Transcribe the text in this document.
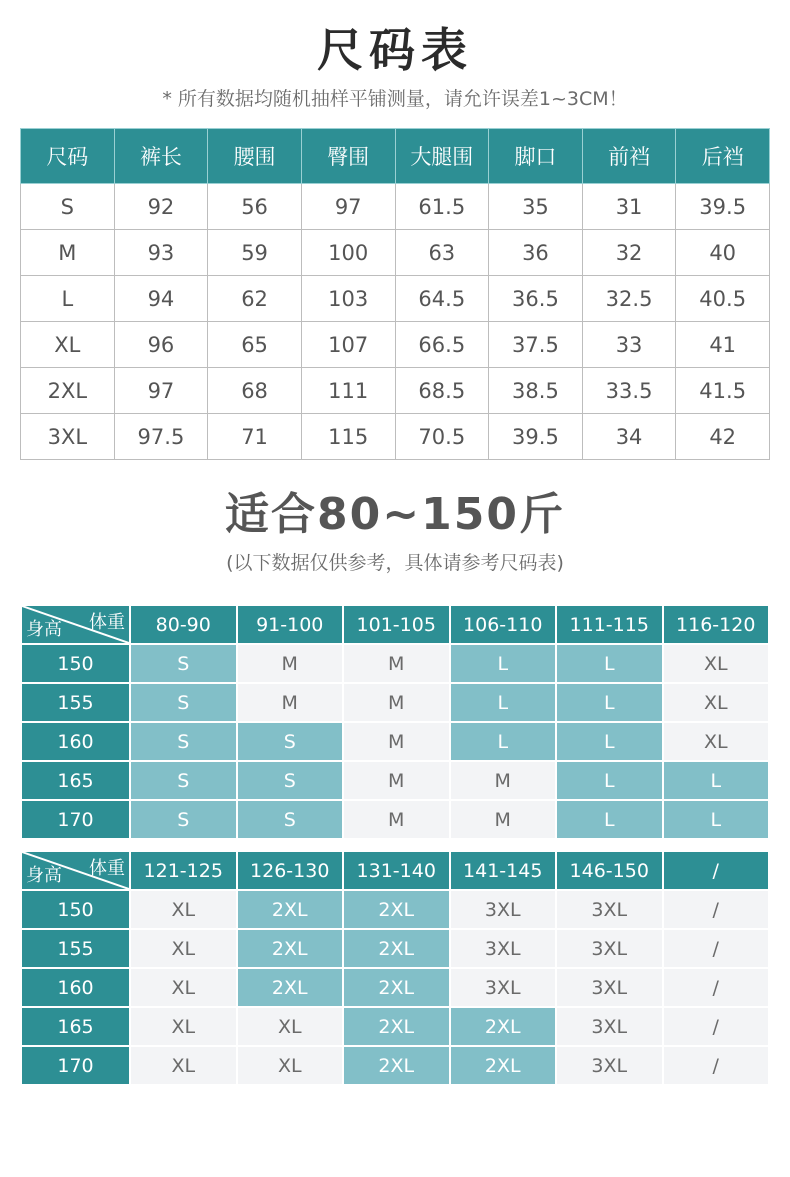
尺码表
* 所有数据均随机抽样平铺测量，请允许误差1~3CM！
尺码	裤长	腰围	臀围	大腿围	脚口	前裆	后裆
S	92	56	97	61.5	35	31	39.5
M	93	59	100	63	36	32	40
L	94	62	103	64.5	36.5	32.5	40.5
XL	96	65	107	66.5	37.5	33	41
2XL	97	68	111	68.5	38.5	33.5	41.5
3XL	97.5	71	115	70.5	39.5	34	42
适合80~150斤
(以下数据仅供参考，具体请参考尺码表)
体重
身高	80-90	91-100	101-105	106-110	111-115	116-120
150	S	M	M	L	L	XL
155	S	M	M	L	L	XL
160	S	S	M	L	L	XL
165	S	S	M	M	L	L
170	S	S	M	M	L	L
体重
身高	121-125	126-130	131-140	141-145	146-150	/
150	XL	2XL	2XL	3XL	3XL	/
155	XL	2XL	2XL	3XL	3XL	/
160	XL	2XL	2XL	3XL	3XL	/
165	XL	XL	2XL	2XL	3XL	/
170	XL	XL	2XL	2XL	3XL	/
